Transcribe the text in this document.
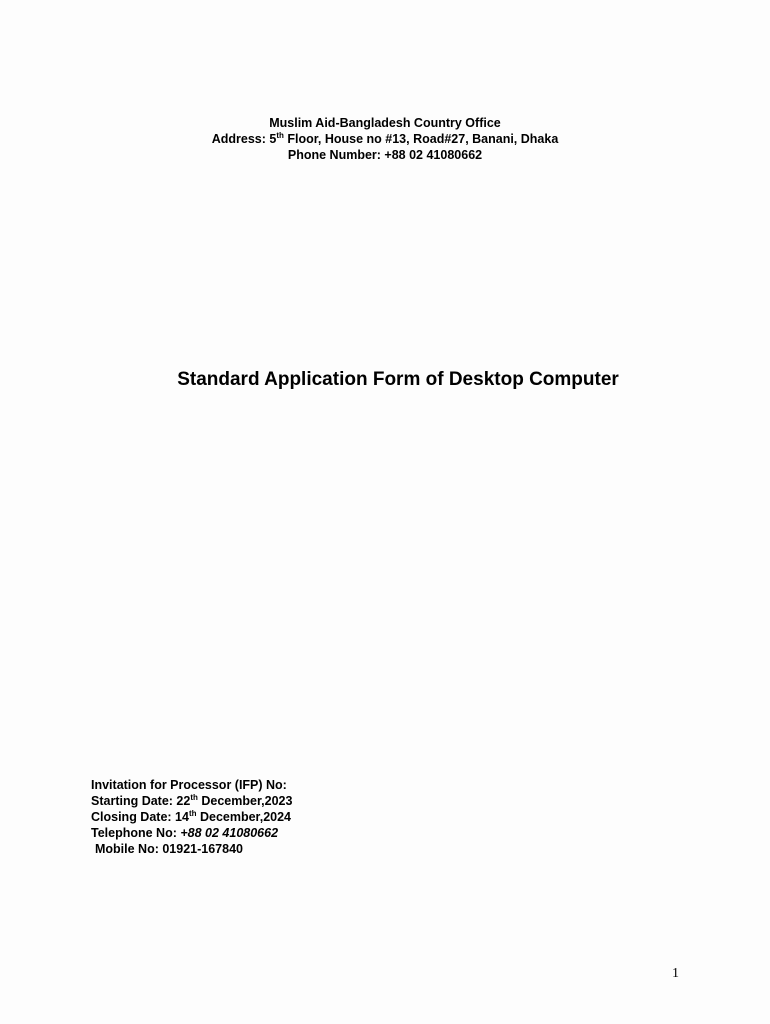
Muslim Aid-Bangladesh Country Office
Address: 5th Floor, House no #13, Road#27, Banani, Dhaka
Phone Number: +88 02 41080662
Standard Application Form of Desktop Computer
Invitation for Processor (IFP) No:
Starting Date: 22th December,2023
Closing Date: 14th December,2024
Telephone No: +88 02 41080662
Mobile No: 01921-167840
1
